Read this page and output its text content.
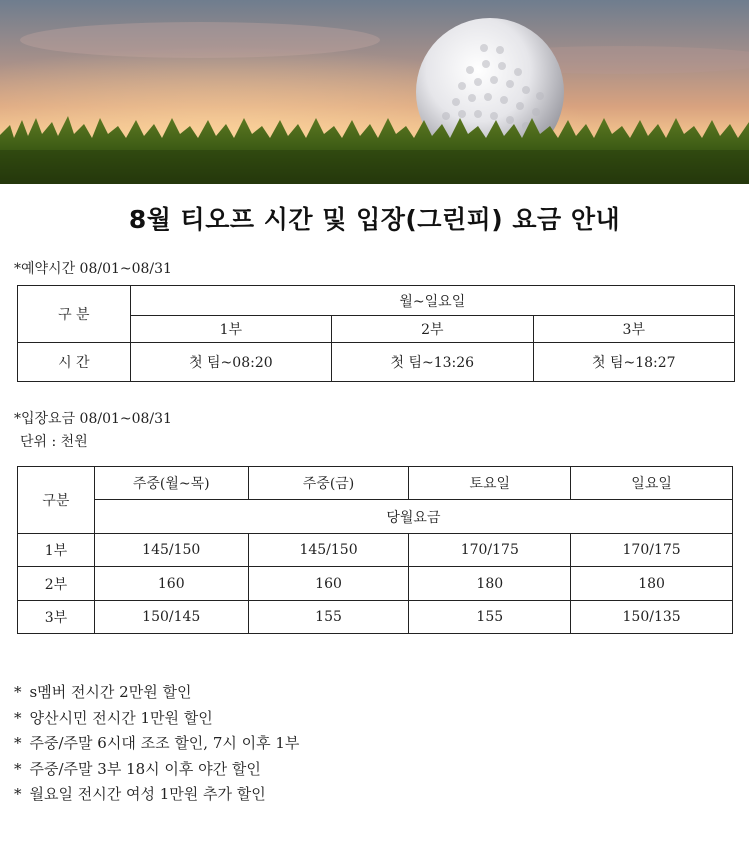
8월 티오프 시간 및 입장(그린피) 요금 안내
*예약시간 08/01~08/31
구 분	월~일요일		
	1부	2부	3부
시 간	첫 팀~08:20	첫 팀~13:26	첫 팀~18:27
*입장요금 08/01~08/31
단위 : 천원
구분	주중(월~목)	주중(금)	토요일	일요일
	당월요금			
1부	145/150	145/150	170/175	170/175
2부	160	160	180	180
3부	150/145	155	155	150/135
* s멤버 전시간 2만원 할인
* 양산시민 전시간 1만원 할인
* 주중/주말 6시대 조조 할인, 7시 이후 1부
* 주중/주말 3부 18시 이후 야간 할인
* 월요일 전시간 여성 1만원 추가 할인
